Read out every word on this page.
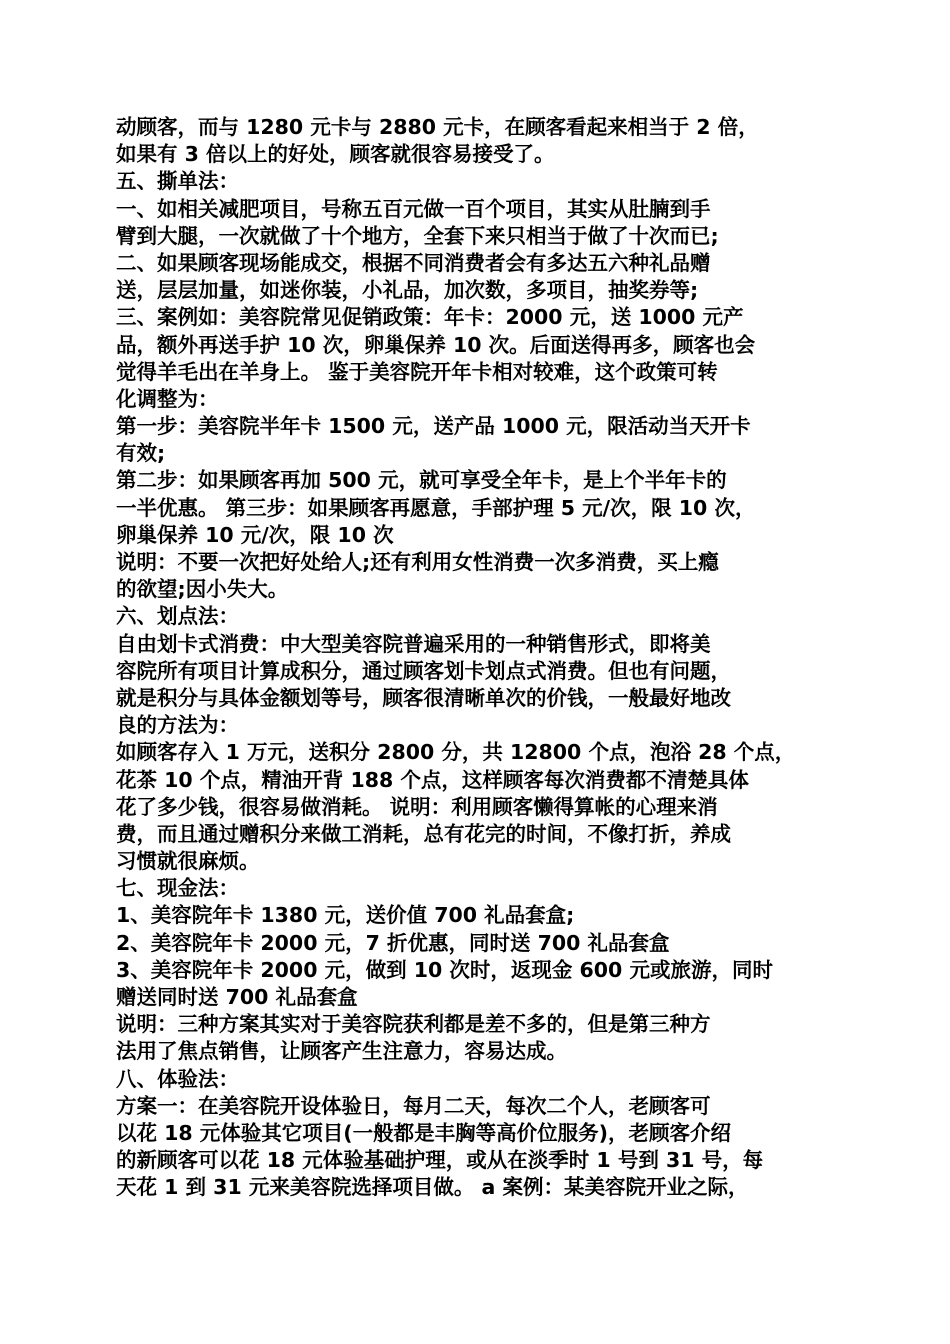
动顾客，而与 1280 元卡与 2880 元卡，在顾客看起来相当于 2 倍，
如果有 3 倍以上的好处，顾客就很容易接受了。
五、撕单法：
一、如相关减肥项目，号称五百元做一百个项目，其实从肚腩到手
臂到大腿，一次就做了十个地方，全套下来只相当于做了十次而已;
二、如果顾客现场能成交，根据不同消费者会有多达五六种礼品赠
送，层层加量，如迷你装，小礼品，加次数，多项目，抽奖券等;
三、案例如：美容院常见促销政策：年卡：2000 元，送 1000 元产
品，额外再送手护 10 次，卵巢保养 10 次。后面送得再多，顾客也会
觉得羊毛出在羊身上。 鉴于美容院开年卡相对较难，这个政策可转
化调整为：
第一步：美容院半年卡 1500 元，送产品 1000 元，限活动当天开卡
有效;
第二步：如果顾客再加 500 元，就可享受全年卡，是上个半年卡的
一半优惠。 第三步：如果顾客再愿意，手部护理 5 元/次，限 10 次，
卵巢保养 10 元/次，限 10 次
说明：不要一次把好处给人;还有利用女性消费一次多消费，买上瘾
的欲望;因小失大。
六、划点法：
自由划卡式消费：中大型美容院普遍采用的一种销售形式，即将美
容院所有项目计算成积分，通过顾客划卡划点式消费。但也有问题，
就是积分与具体金额划等号，顾客很清晰单次的价钱，一般最好地改
良的方法为：
如顾客存入 1 万元，送积分 2800 分，共 12800 个点，泡浴 28 个点，
花茶 10 个点，精油开背 188 个点，这样顾客每次消费都不清楚具体
花了多少钱，很容易做消耗。 说明：利用顾客懒得算帐的心理来消
费，而且通过赠积分来做工消耗，总有花完的时间，不像打折，养成
习惯就很麻烦。
七、现金法：
1、美容院年卡 1380 元，送价值 700 礼品套盒;
2、美容院年卡 2000 元，7 折优惠，同时送 700 礼品套盒
3、美容院年卡 2000 元，做到 10 次时，返现金 600 元或旅游，同时
赠送同时送 700 礼品套盒
说明：三种方案其实对于美容院获利都是差不多的，但是第三种方
法用了焦点销售，让顾客产生注意力，容易达成。
八、体验法：
方案一：在美容院开设体验日，每月二天，每次二个人，老顾客可
以花 18 元体验其它项目(一般都是丰胸等高价位服务)，老顾客介绍
的新顾客可以花 18 元体验基础护理，或从在淡季时 1 号到 31 号，每
天花 1 到 31 元来美容院选择项目做。 a 案例：某美容院开业之际，
